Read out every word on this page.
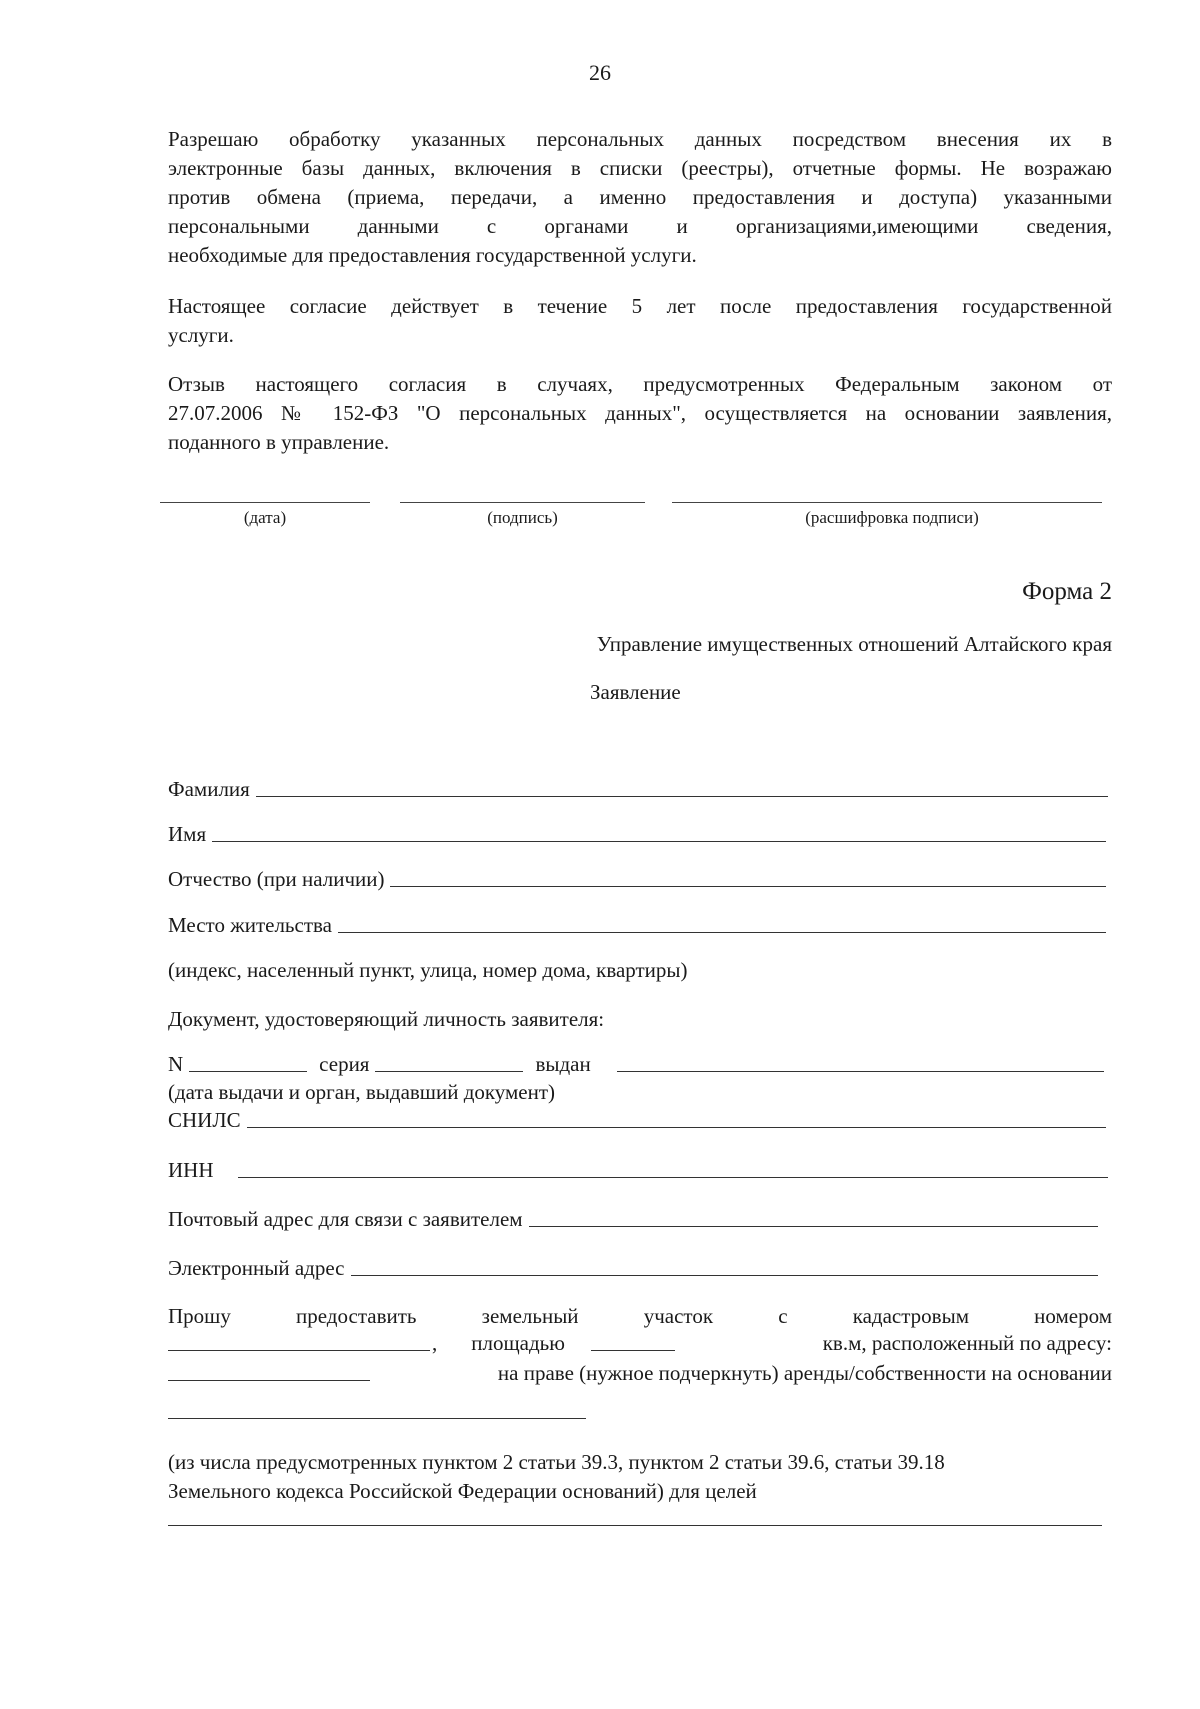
26
Разрешаю обработку указанных персональных данных посредством внесения их в
электронные базы данных, включения в списки (реестры), отчетные формы. Не возражаю
против обмена (приема, передачи, а именно предоставления и доступа) указанными
персональными данными с органами и организациями,имеющими сведения,
необходимые для предоставления государственной услуги.
Настоящее согласие действует в течение 5 лет после предоставления государственной
услуги.
Отзыв настоящего согласия в случаях, предусмотренных Федеральным законом от
27.07.2006 № 152-ФЗ "О персональных данных", осуществляется на основании заявления,
поданного в управление.
(дата)	(подпись)	(расшифровка подписи)
Форма 2
Управление имущественных отношений Алтайского края
Заявление
Фамилия
Имя
Отчество (при наличии)
Место жительства
(индекс, населенный пункт, улица, номер дома, квартиры)
Документ, удостоверяющий личность заявителя:
N	серия	выдан
(дата выдачи и орган, выдавший документ)
СНИЛС
ИНН
Почтовый адрес для связи с заявителем
Электронный адрес
Прошу предоставить земельный участок с кадастровым номером
,	площадью	кв.м, расположенный по адресу:
на праве (нужное подчеркнуть) аренды/собственности на основании
(из числа предусмотренных пунктом 2 статьи 39.3, пунктом 2 статьи 39.6, статьи 39.18
Земельного кодекса Российской Федерации оснований) для целей
